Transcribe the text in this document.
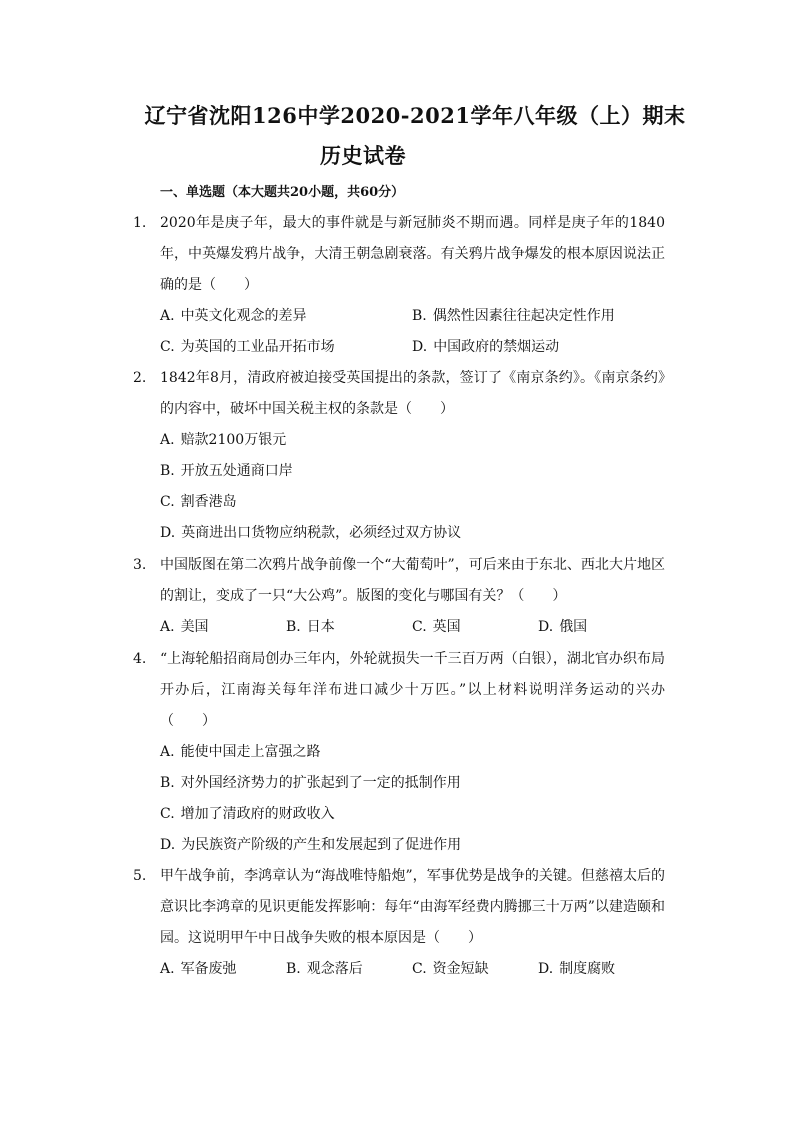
辽宁省沈阳126中学2020-2021学年八年级（上）期末
历史试卷
一、单选题（本大题共20小题，共60分）
1. 2020年是庚子年，最大的事件就是与新冠肺炎不期而遇。同样是庚子年的1840年，中英爆发鸦片战争，大清王朝急剧衰落。有关鸦片战争爆发的根本原因说法正确的是（　　）
A. 中英文化观念的差异	B. 偶然性因素往往起决定性作用
C. 为英国的工业品开拓市场	D. 中国政府的禁烟运动
2. 1842年8月，清政府被迫接受英国提出的条款，签订了《南京条约》。《南京条约》的内容中，破坏中国关税主权的条款是（　　）
A. 赔款2100万银元
B. 开放五处通商口岸
C. 割香港岛
D. 英商进出口货物应纳税款，必须经过双方协议
3. 中国版图在第二次鸦片战争前像一个“大葡萄叶”，可后来由于东北、西北大片地区的割让，变成了一只“大公鸡”。版图的变化与哪国有关？（　　）
A. 美国	B. 日本	C. 英国	D. 俄国
4. “上海轮船招商局创办三年内，外轮就损失一千三百万两（白银），湖北官办织布局开办后，江南海关每年洋布进口减少十万匹。”以上材料说明洋务运动的兴办（　　）
A. 能使中国走上富强之路
B. 对外国经济势力的扩张起到了一定的抵制作用
C. 增加了清政府的财政收入
D. 为民族资产阶级的产生和发展起到了促进作用
5. 甲午战争前，李鸿章认为“海战唯恃船炮”，军事优势是战争的关键。但慈禧太后的意识比李鸿章的见识更能发挥影响：每年“由海军经费内腾挪三十万两”以建造颐和园。这说明甲午中日战争失败的根本原因是（　　）
A. 军备废弛	B. 观念落后	C. 资金短缺	D. 制度腐败
